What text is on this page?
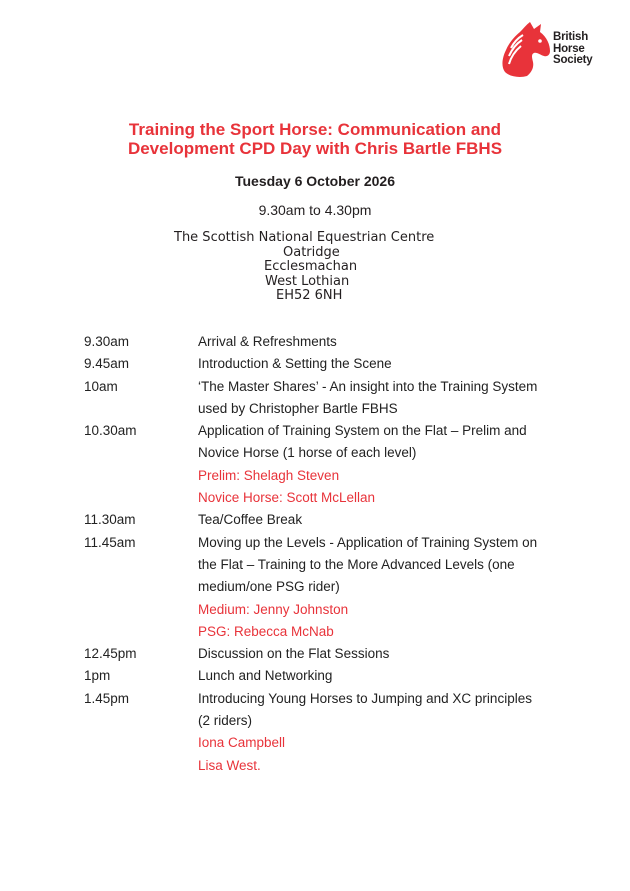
British
Horse
Society
Training the Sport Horse: Communication and
Development CPD Day with Chris Bartle FBHS
Tuesday 6 October 2026
9.30am to 4.30pm
The Scottish National Equestrian Centre
Oatridge
Ecclesmachan
West Lothian
EH52 6NH
9.30am	Arrival & Refreshments
9.45am	Introduction & Setting the Scene
10am	‘The Master Shares’ - An insight into the Training System
used by Christopher Bartle FBHS
10.30am	Application of Training System on the Flat – Prelim and
Novice Horse (1 horse of each level)
Prelim: Shelagh Steven
Novice Horse: Scott McLellan
11.30am	Tea/Coffee Break
11.45am	Moving up the Levels - Application of Training System on
the Flat – Training to the More Advanced Levels (one
medium/one PSG rider)
Medium: Jenny Johnston
PSG: Rebecca McNab
12.45pm	Discussion on the Flat Sessions
1pm	Lunch and Networking
1.45pm	Introducing Young Horses to Jumping and XC principles
(2 riders)
Iona Campbell
Lisa West.
